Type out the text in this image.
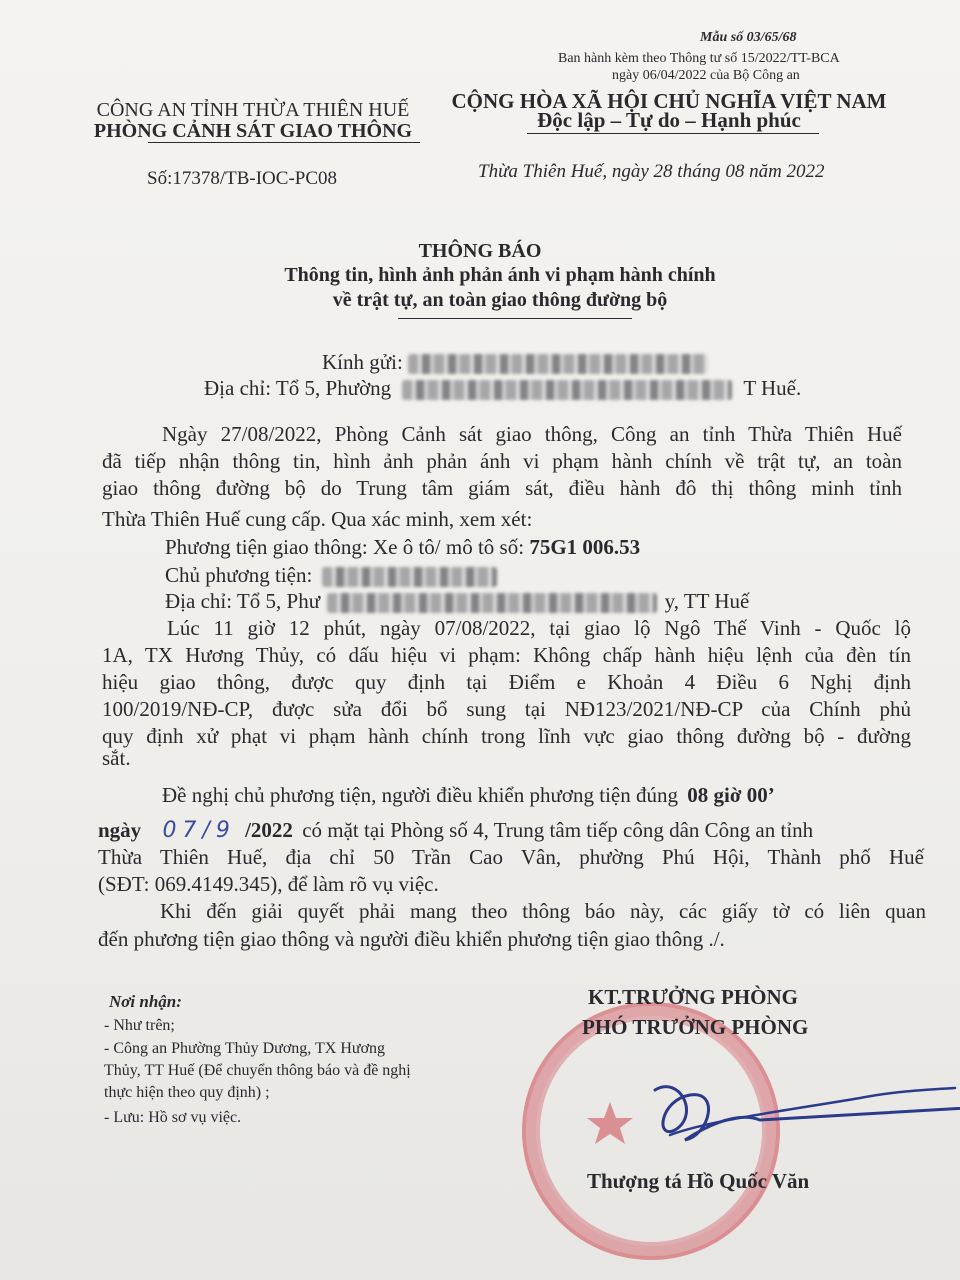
Mẫu số 03/65/68
Ban hành kèm theo Thông tư số 15/2022/TT-BCA
ngày 06/04/2022 của Bộ Công an
CÔNG AN TỈNH THỪA THIÊN HUẾ
PHÒNG CẢNH SÁT GIAO THÔNG
Số:17378/TB-IOC-PC08
CỘNG HÒA XÃ HỘI CHỦ NGHĨA VIỆT NAM
Độc lập – Tự do – Hạnh phúc
Thừa Thiên Huế, ngày 28 tháng 08 năm 2022
THÔNG BÁO
Thông tin, hình ảnh phản ánh vi phạm hành chính
về trật tự, an toàn giao thông đường bộ
Kính gửi:
Địa chỉ: Tổ 5, Phường	T Huế.
Ngày 27/08/2022, Phòng Cảnh sát giao thông, Công an tỉnh Thừa Thiên Huế
đã tiếp nhận thông tin, hình ảnh phản ánh vi phạm hành chính về trật tự, an toàn
giao thông đường bộ do Trung tâm giám sát, điều hành đô thị thông minh tỉnh
Thừa Thiên Huế cung cấp. Qua xác minh, xem xét:
Phương tiện giao thông: Xe ô tô/ mô tô số: 75G1 006.53
Chủ phương tiện:
Địa chỉ: Tổ 5, Phư	y, TT Huế
Lúc 11 giờ 12 phút, ngày 07/08/2022, tại giao lộ Ngô Thế Vinh - Quốc lộ
1A, TX Hương Thủy, có dấu hiệu vi phạm: Không chấp hành hiệu lệnh của đèn tín
hiệu giao thông, được quy định tại Điểm e Khoản 4 Điều 6 Nghị định
100/2019/NĐ-CP, được sửa đổi bổ sung tại NĐ123/2021/NĐ-CP của Chính phủ
quy định xử phạt vi phạm hành chính trong lĩnh vực giao thông đường bộ - đường
sắt.
Đề nghị chủ phương tiện, người điều khiển phương tiện đúng 08 giờ 00’
ngày 07/9 /2022 có mặt tại Phòng số 4, Trung tâm tiếp công dân Công an tỉnh
Thừa Thiên Huế, địa chỉ 50 Trần Cao Vân, phường Phú Hội, Thành phố Huế
(SĐT: 069.4149.345), để làm rõ vụ việc.
Khi đến giải quyết phải mang theo thông báo này, các giấy tờ có liên quan
đến phương tiện giao thông và người điều khiển phương tiện giao thông ./.
Nơi nhận:
- Như trên;
- Công an Phường Thủy Dương, TX Hương
Thủy, TT Huế (Để chuyển thông báo và đề nghị
thực hiện theo quy định) ;
- Lưu: Hồ sơ vụ việc.
KT.TRƯỞNG PHÒNG
PHÓ TRƯỞNG PHÒNG
Thượng tá Hồ Quốc Văn
